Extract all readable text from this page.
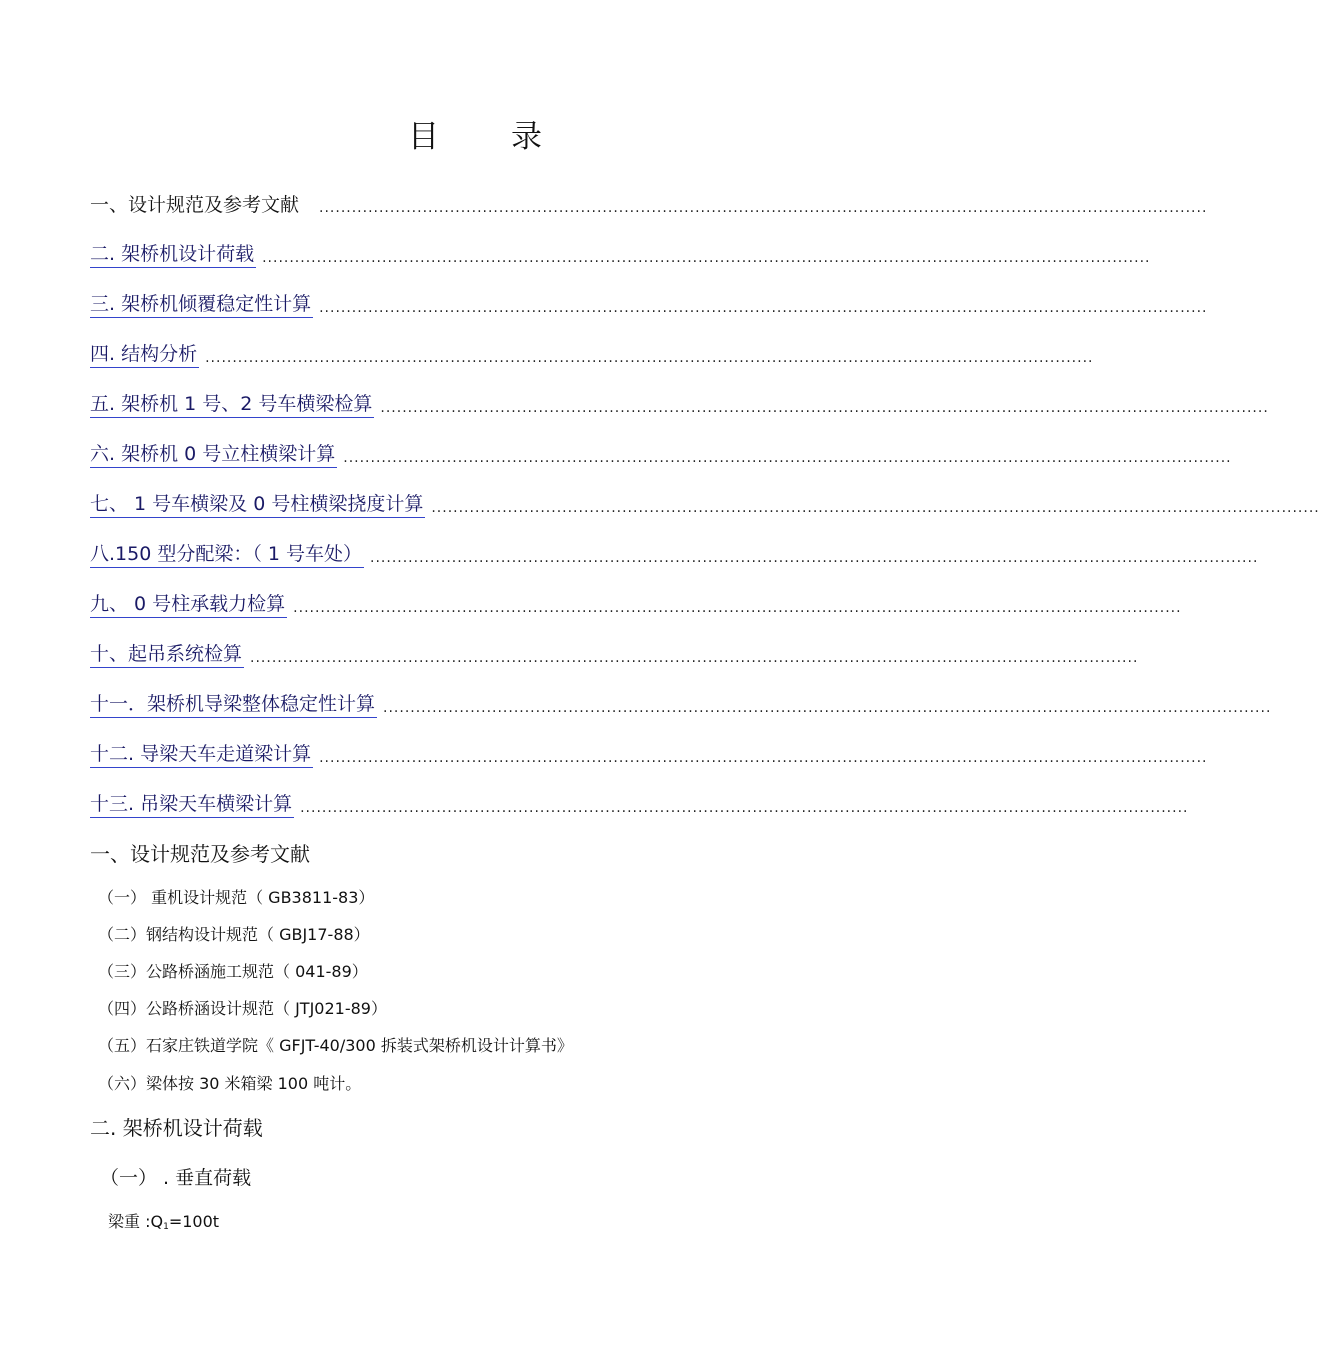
目录
一、设计规范及参考文献 ...................................................................................................................................................................
二. 架桥机设计荷载 ...................................................................................................................................................................
三. 架桥机倾覆稳定性计算 ...................................................................................................................................................................
四. 结构分析 ...................................................................................................................................................................
五. 架桥机 1 号、2 号车横梁检算 ...................................................................................................................................................................
六. 架桥机 0 号立柱横梁计算 ...................................................................................................................................................................
七、 1 号车横梁及 0 号柱横梁挠度计算 ...................................................................................................................................................................
八.150 型分配梁：（ 1 号车处） ...................................................................................................................................................................
九、 0 号柱承载力检算 ...................................................................................................................................................................
十、起吊系统检算 ...................................................................................................................................................................
十一．架桥机导梁整体稳定性计算 ...................................................................................................................................................................
十二. 导梁天车走道梁计算 ...................................................................................................................................................................
十三. 吊梁天车横梁计算 ...................................................................................................................................................................
一、设计规范及参考文献
（一） 重机设计规范（ GB3811-83）
（二）钢结构设计规范（ GBJ17-88）
（三）公路桥涵施工规范（ 041-89）
（四）公路桥涵设计规范（ JTJ021-89）
（五）石家庄铁道学院《 GFJT-40/300 拆装式架桥机设计计算书》
（六）梁体按 30 米箱梁 100 吨计。
二. 架桥机设计荷载
（一） . 垂直荷载
梁重 $:Q_1=100t$
